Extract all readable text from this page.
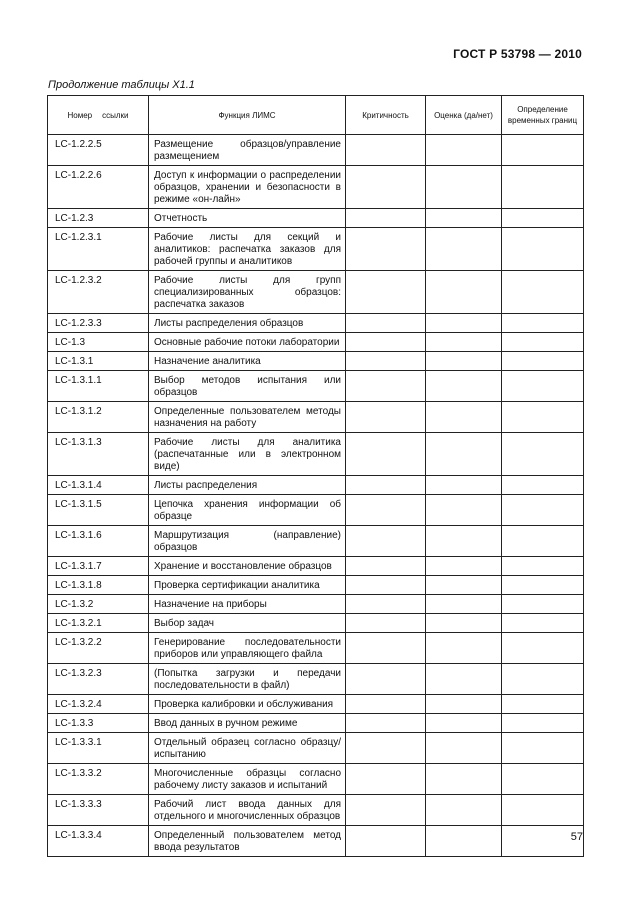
ГОСТ Р 53798 — 2010
Продолжение таблицы Х1.1
Номер ссылки	Функция ЛИМС	Критичность	Оценка (да/нет)	Определение временных границ
LC-1.2.2.5	Размещение образцов/управление размещением			
LC-1.2.2.6	Доступ к информации о распределении образцов, хранении и безопасности в режиме «он-лайн»			
LC-1.2.3	Отчетность			
LC-1.2.3.1	Рабочие листы для секций и аналитиков: распечатка заказов для рабочей группы и аналитиков			
LC-1.2.3.2	Рабочие листы для групп специализированных образцов: распечатка заказов			
LC-1.2.3.3	Листы распределения образцов			
LC-1.3	Основные рабочие потоки лаборатории			
LC-1.3.1	Назначение аналитика			
LC-1.3.1.1	Выбор методов испытания или образцов			
LC-1.3.1.2	Определенные пользователем методы назначения на работу			
LC-1.3.1.3	Рабочие листы для аналитика (распечатанные или в электронном виде)			
LC-1.3.1.4	Листы распределения			
LC-1.3.1.5	Цепочка хранения информации об образце			
LC-1.3.1.6	Маршрутизация (направление) образцов			
LC-1.3.1.7	Хранение и восстановление образцов			
LC-1.3.1.8	Проверка сертификации аналитика			
LC-1.3.2	Назначение на приборы			
LC-1.3.2.1	Выбор задач			
LC-1.3.2.2	Генерирование последовательности приборов или управляющего файла			
LC-1.3.2.3	(Попытка загрузки и передачи последовательности в файл)			
LC-1.3.2.4	Проверка калибровки и обслуживания			
LC-1.3.3	Ввод данных в ручном режиме			
LC-1.3.3.1	Отдельный образец согласно образцу/испытанию			
LC-1.3.3.2	Многочисленные образцы согласно рабочему листу заказов и испытаний			
LC-1.3.3.3	Рабочий лист ввода данных для отдельного и многочисленных образцов			
LC-1.3.3.4	Определенный пользователем метод ввода результатов			
57
